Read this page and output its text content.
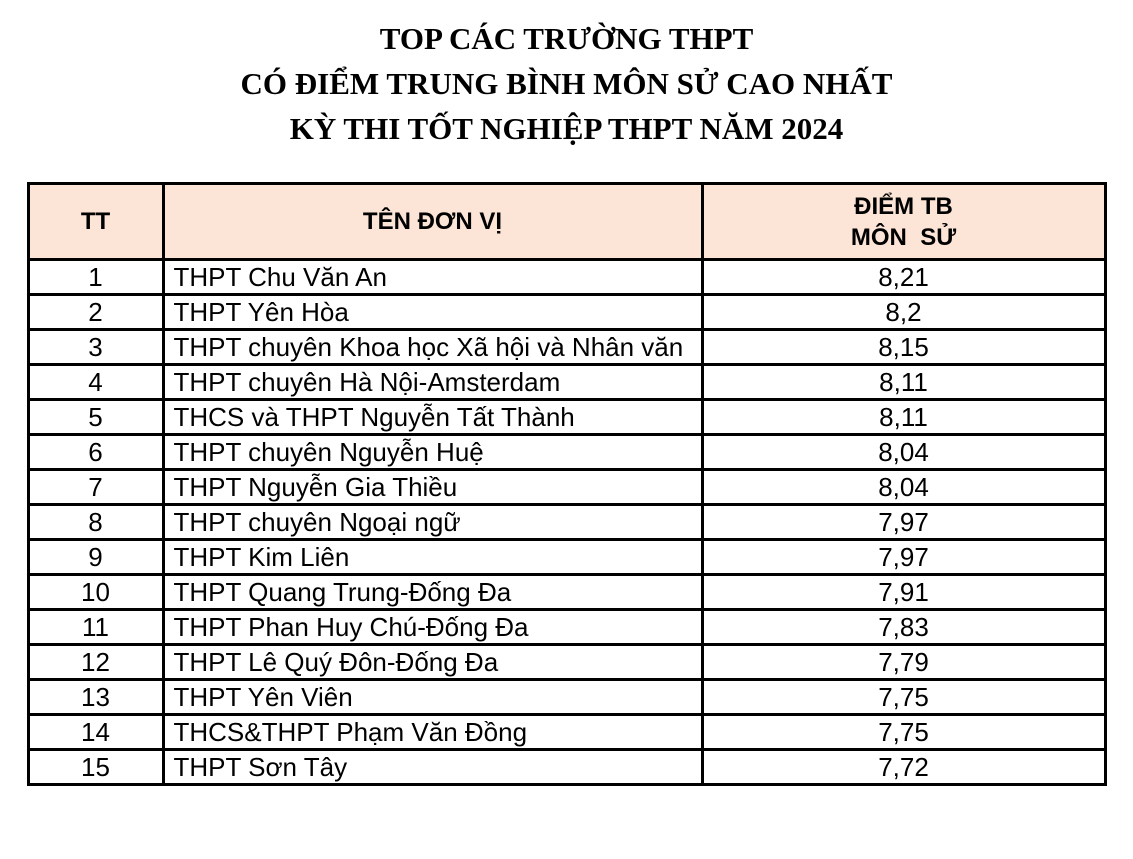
TOP CÁC TRƯỜNG THPT
CÓ ĐIỂM TRUNG BÌNH MÔN SỬ CAO NHẤT
KỲ THI TỐT NGHIỆP THPT NĂM 2024
TT	TÊN ĐƠN VỊ	ĐIỂM TB
MÔN  SỬ

1	THPT Chu Văn An	8,21
2	THPT Yên Hòa	8,2
3	THPT chuyên Khoa học Xã hội và Nhân văn	8,15
4	THPT chuyên Hà Nội-Amsterdam	8,11
5	THCS và THPT Nguyễn Tất Thành	8,11
6	THPT chuyên Nguyễn Huệ	8,04
7	THPT Nguyễn Gia Thiều	8,04
8	THPT chuyên Ngoại ngữ	7,97
9	THPT Kim Liên	7,97
10	THPT Quang Trung-Đống Đa	7,91
11	THPT Phan Huy Chú-Đống Đa	7,83
12	THPT Lê Quý Đôn-Đống Đa	7,79
13	THPT Yên Viên	7,75
14	THCS&THPT Phạm Văn Đồng	7,75
15	THPT Sơn Tây	7,72
